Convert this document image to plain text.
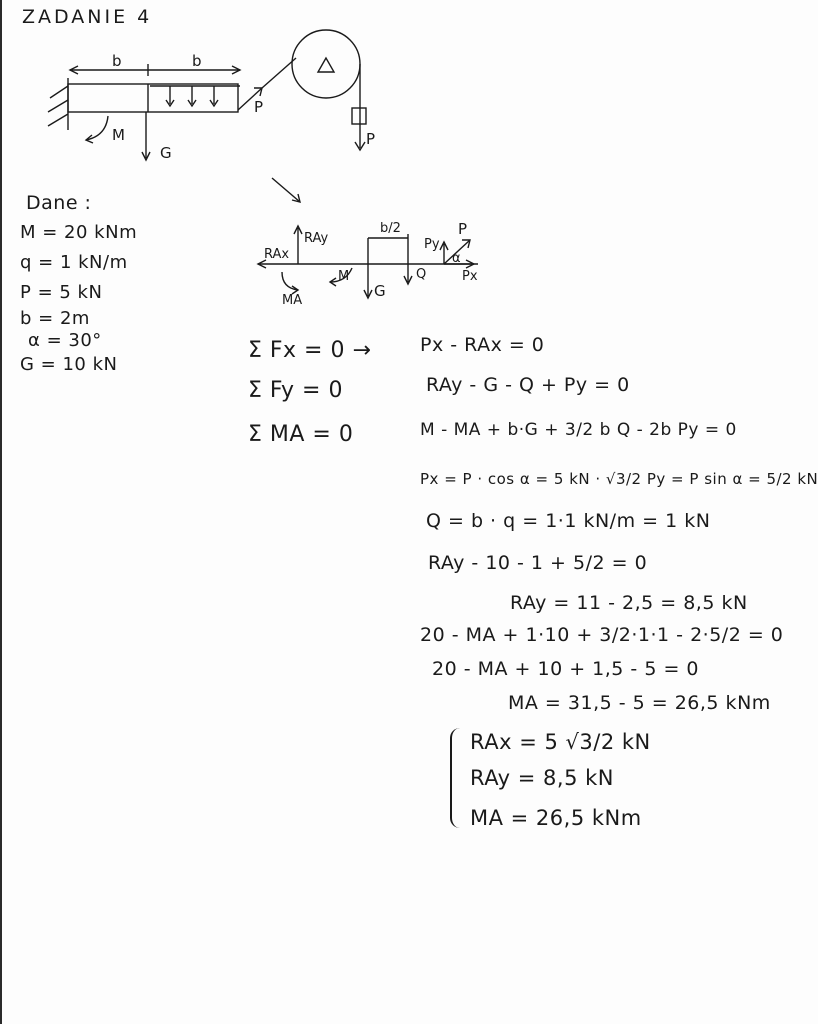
ZADANIE 4
b	b
G
M
P
P
RAx
RAy
MA
M
G
Q
b/2	P
Py
Px
α
Dane :
M = 20 kNm
q = 1 kN/m
P = 5 kN
b = 2m
α = 30°
G = 10 kN
Σ Fx = 0 →	Px - RAx = 0
Σ Fy = 0	RAy - G - Q + Py = 0
Σ MA = 0	M - MA + b·G + 3/2 b Q - 2b Py = 0
Px = P · cos α = 5 kN · √3/2 Py = P sin α = 5/2 kN
Q = b · q = 1·1 kN/m = 1 kN
RAy - 10 - 1 + 5/2 = 0
RAy = 11 - 2,5 = 8,5 kN
20 - MA + 1·10 + 3/2·1·1 - 2·5/2 = 0
20 - MA + 10 + 1,5 - 5 = 0
MA = 31,5 - 5 = 26,5 kNm
RAx = 5 √3/2 kN
RAy = 8,5 kN
MA = 26,5 kNm
